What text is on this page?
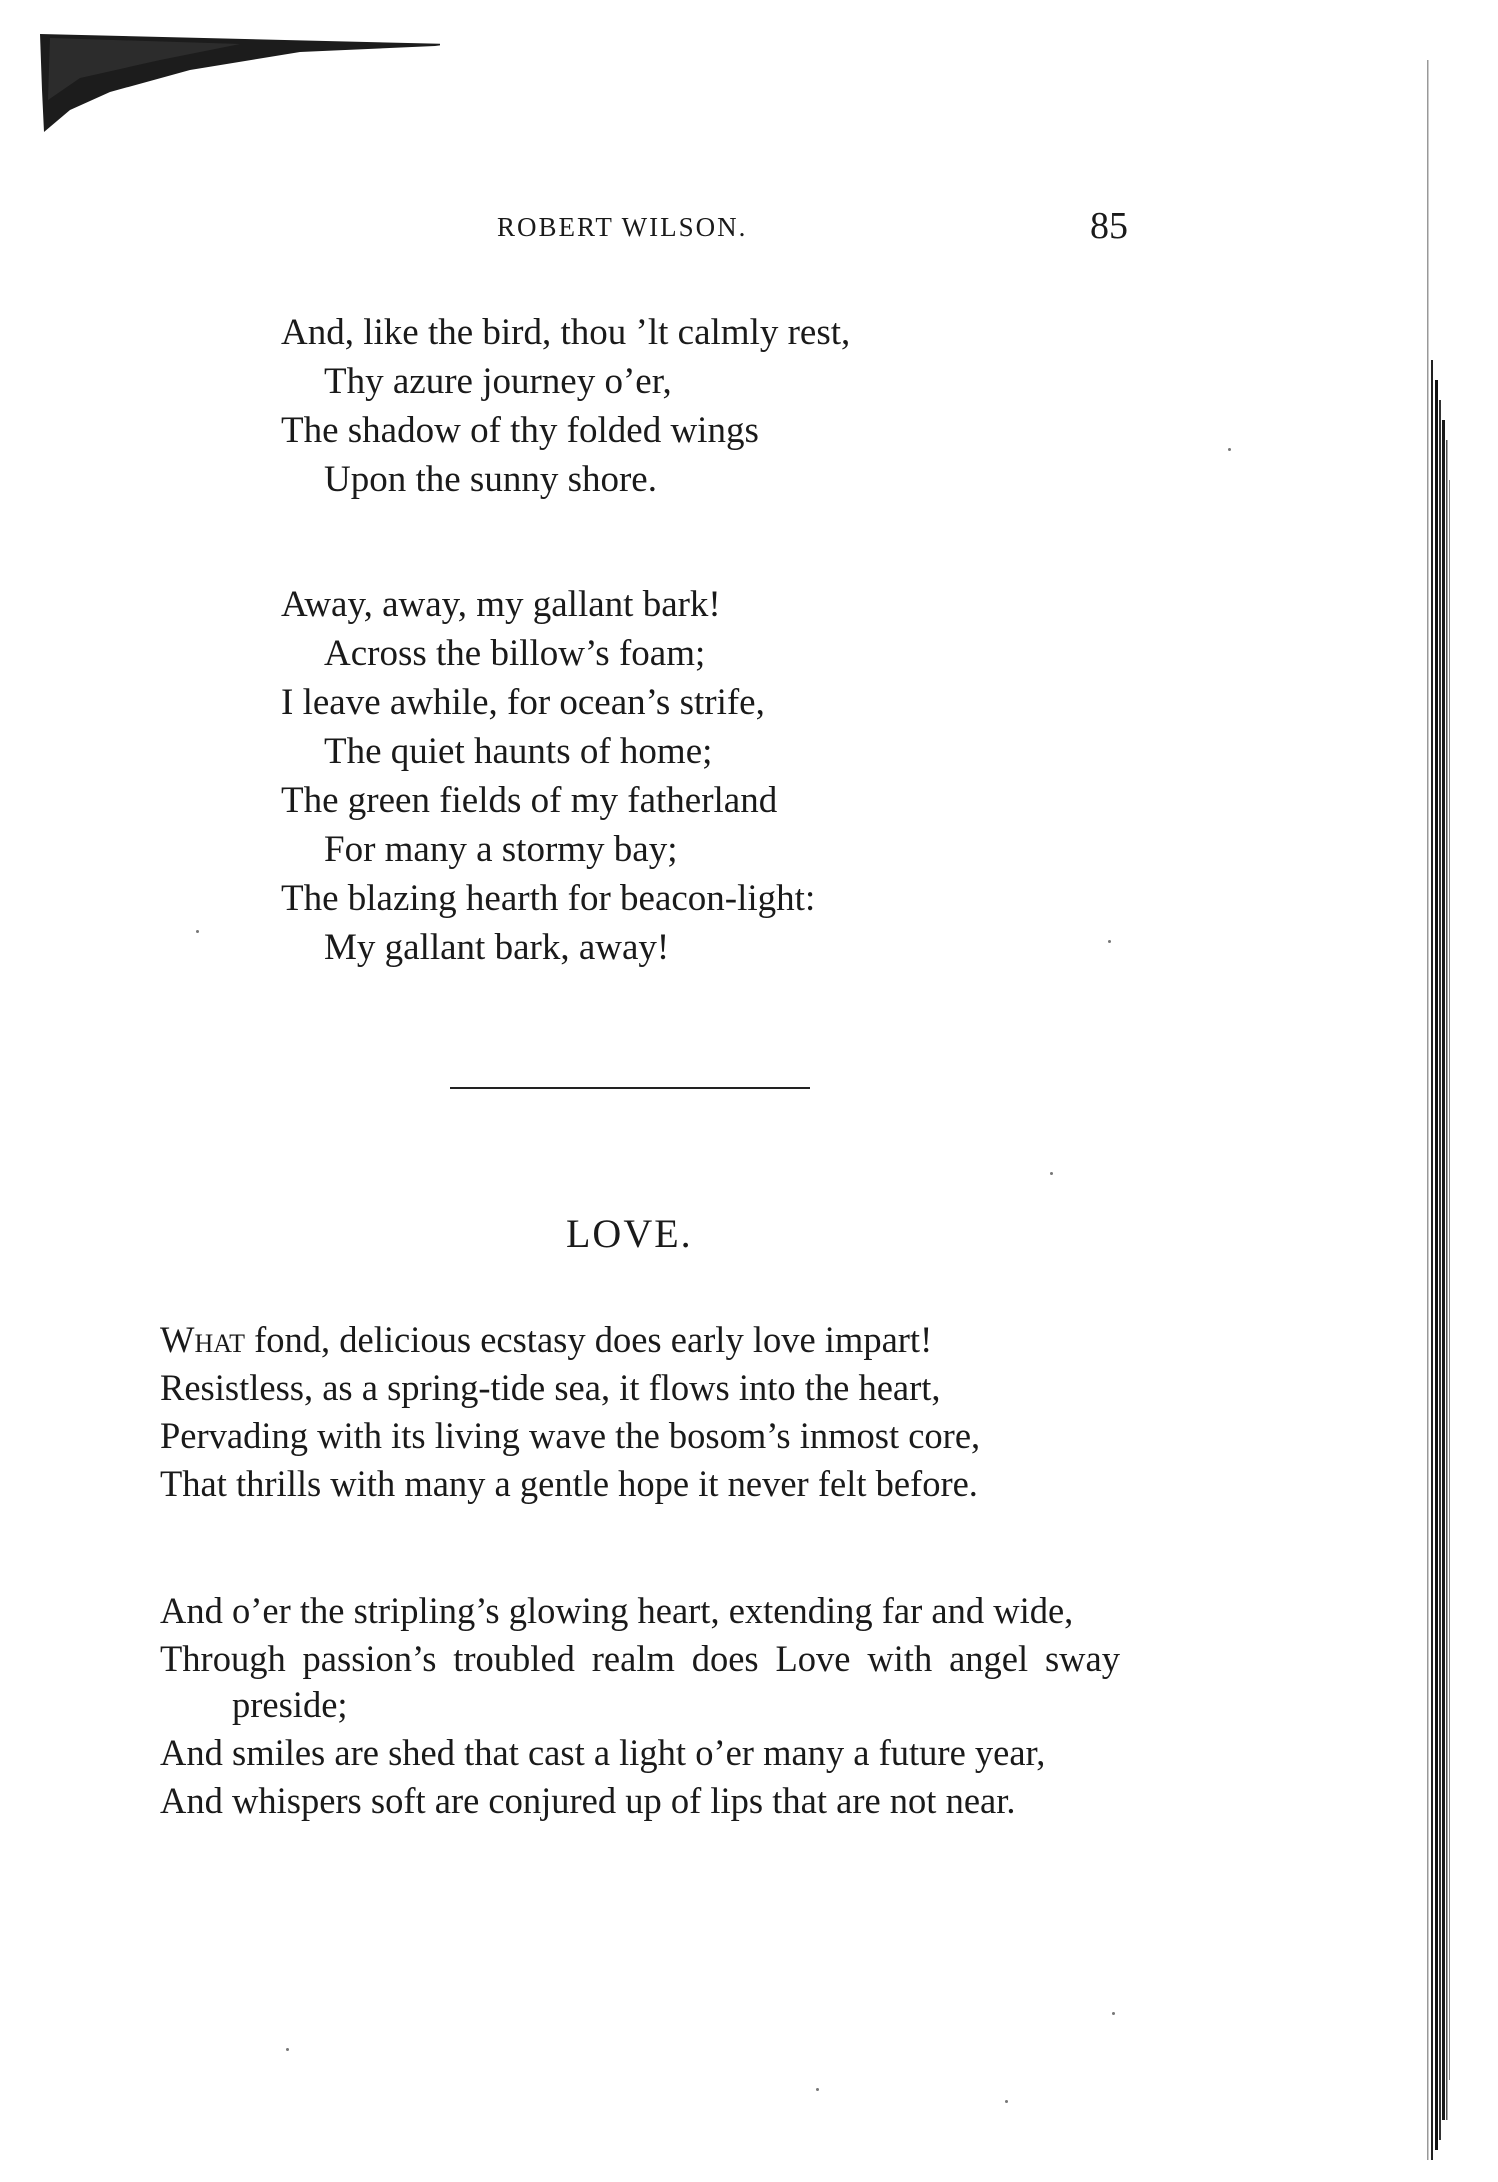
ROBERT WILSON.	85
And, like the bird, thou ’lt calmly rest,
Thy azure journey o’er,
The shadow of thy folded wings
Upon the sunny shore.
Away, away, my gallant bark!
Across the billow’s foam;
I leave awhile, for ocean’s strife,
The quiet haunts of home;
The green fields of my fatherland
For many a stormy bay;
The blazing hearth for beacon-light:
My gallant bark, away!
LOVE.
What fond, delicious ecstasy does early love impart!
Resistless, as a spring-tide sea, it flows into the heart,
Pervading with its living wave the bosom’s inmost core,
That thrills with many a gentle hope it never felt before.
And o’er the stripling’s glowing heart, extending far and wide,
Through passion’s troubled realm does Love with angel sway preside;
And smiles are shed that cast a light o’er many a future year,
And whispers soft are conjured up of lips that are not near.
